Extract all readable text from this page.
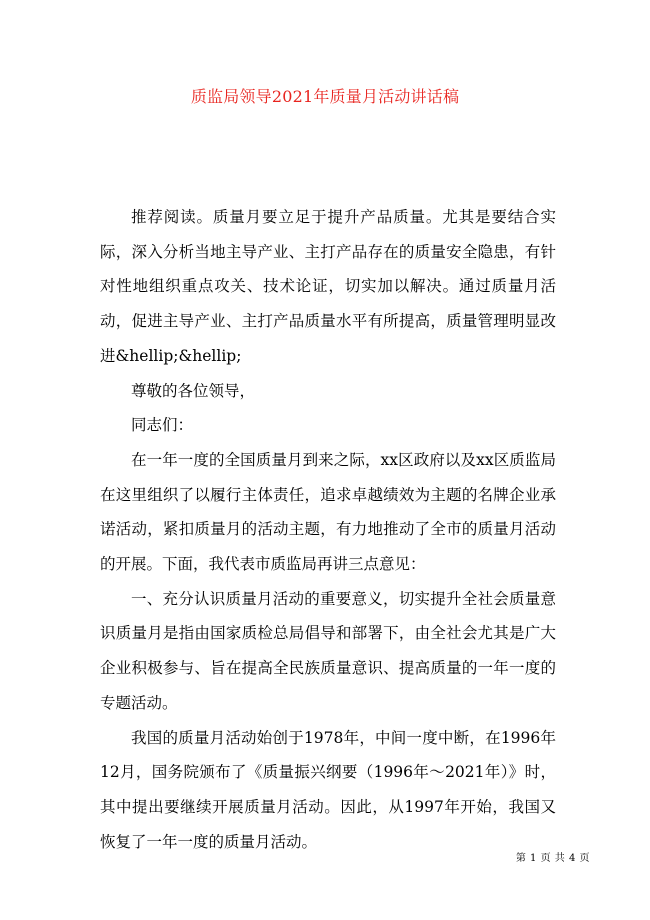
质监局领导2021年质量月活动讲话稿

推荐阅读。质量月要立足于提升产品质量。尤其是要结合实际，深入分析当地主导产业、主打产品存在的质量安全隐患，有针对性地组织重点攻关、技术论证，切实加以解决。通过质量月活动，促进主导产业、主打产品质量水平有所提高，质量管理明显改进&hellip;&hellip;

尊敬的各位领导，

同志们：

在一年一度的全国质量月到来之际，xx区政府以及xx区质监局在这里组织了以履行主体责任，追求卓越绩效为主题的名牌企业承诺活动，紧扣质量月的活动主题，有力地推动了全市的质量月活动的开展。下面，我代表市质监局再讲三点意见：

一、充分认识质量月活动的重要意义，切实提升全社会质量意识质量月是指由国家质检总局倡导和部署下，由全社会尤其是广大企业积极参与、旨在提高全民族质量意识、提高质量的一年一度的专题活动。

我国的质量月活动始创于1978年，中间一度中断，在1996年12月，国务院颁布了《质量振兴纲要（1996年～2021年）》时，其中提出要继续开展质量月活动。因此，从1997年开始，我国又恢复了一年一度的质量月活动。

第 1 页 共 4 页
